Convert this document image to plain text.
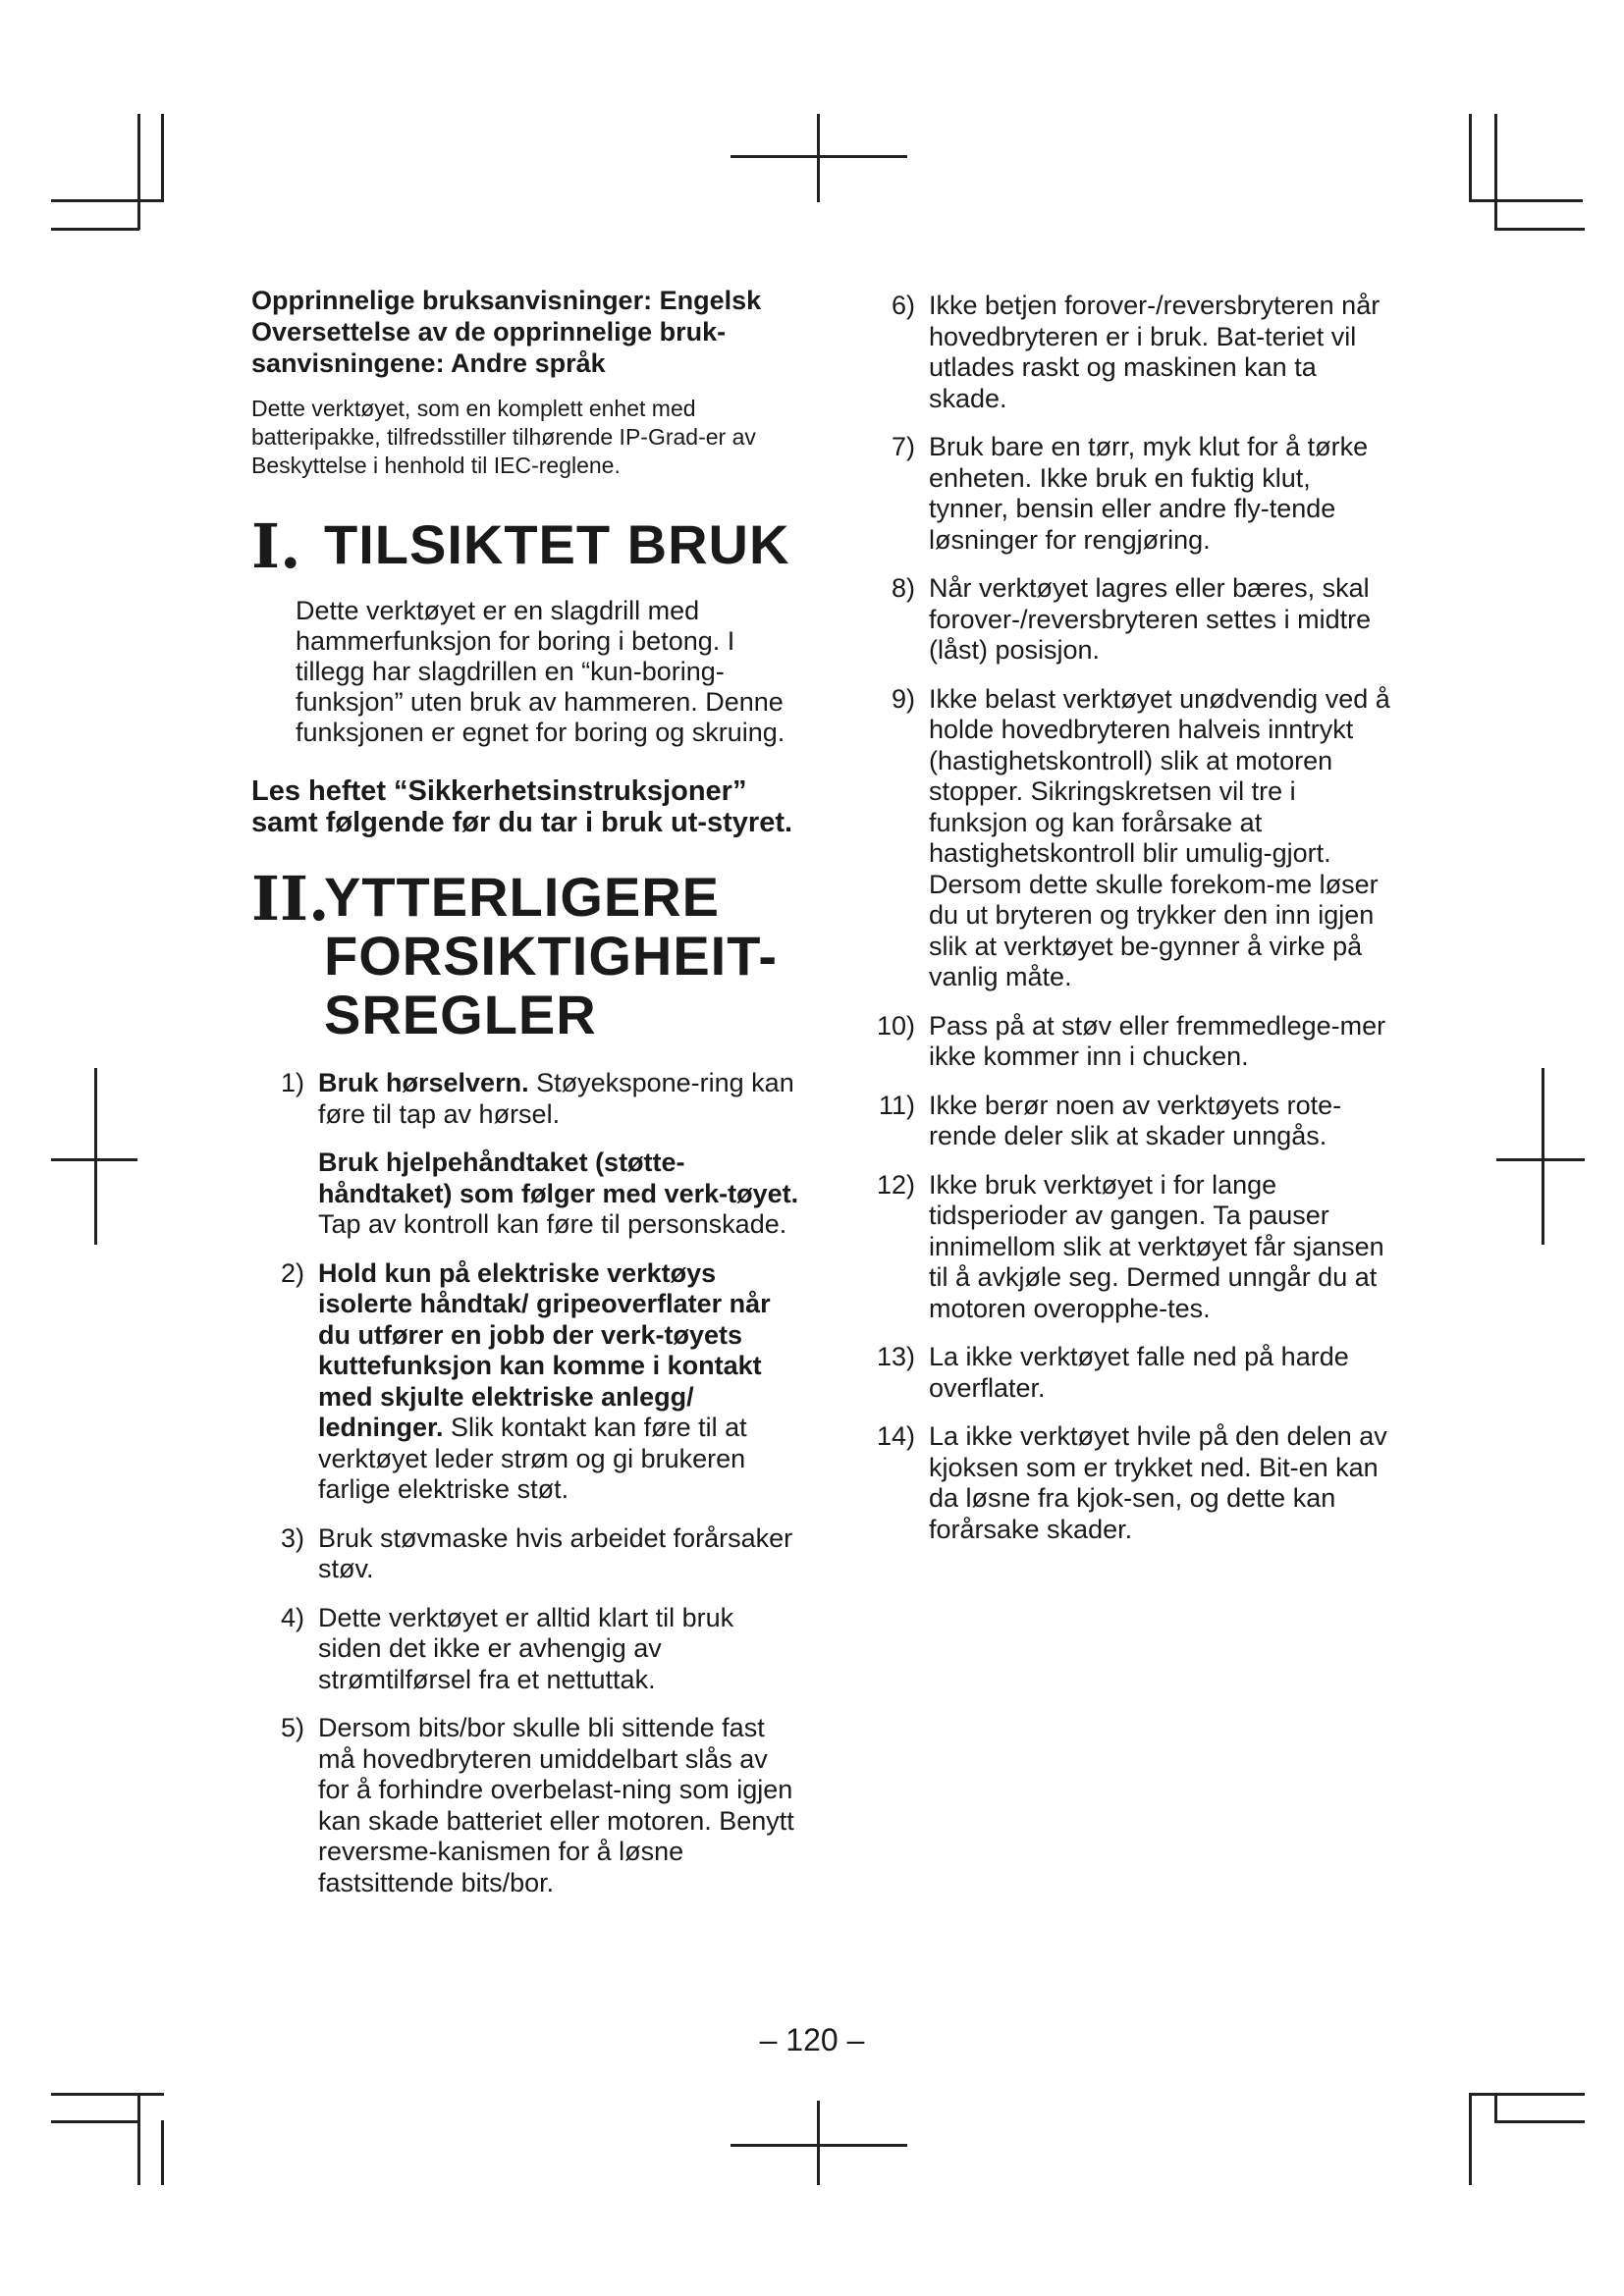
Opprinnelige bruksanvisninger: Engelsk
Oversettelse av de opprinnelige bruk-
sanvisningene: Andre språk

Dette verktøyet, som en komplett enhet med batteripakke, tilfredsstiller tilhørende IP-Grad-er av Beskyttelse i henhold til IEC-reglene.

I. TILSIKTET BRUK

Dette verktøyet er en slagdrill med hammerfunksjon for boring i betong. I tillegg har slagdrillen en “kun-boring-funksjon” uten bruk av hammeren. Denne funksjonen er egnet for boring og skruing.

Les heftet “Sikkerhetsinstruksjoner” samt følgende før du tar i bruk ut-styret.

II.
YTTERLIGERE
FORSIKTIGHEIT-
SREGLER
1) Bruk hørselvern. Støyekspone-ring kan føre til tap av hørsel.
Bruk hjelpehåndtaket (støtte-håndtaket) som følger med verk-tøyet. Tap av kontroll kan føre til personskade.
2) Hold kun på elektriske verktøys isolerte håndtak/ gripeoverflater når du utfører en jobb der verk-tøyets kuttefunksjon kan komme i kontakt med skjulte elektriske anlegg/ ledninger. Slik kontakt kan føre til at verktøyet leder strøm og gi brukeren farlige elektriske støt.
3) Bruk støvmaske hvis arbeidet forårsaker støv.
4) Dette verktøyet er alltid klart til bruk siden det ikke er avhengig av strømtilførsel fra et nettuttak.
5) Dersom bits/bor skulle bli sittende fast må hovedbryteren umiddelbart slås av for å forhindre overbelast-ning som igjen kan skade batteriet eller motoren. Benytt reversme-kanismen for å løsne fastsittende bits/bor.
6) Ikke betjen forover-/reversbryteren når hovedbryteren er i bruk. Bat-teriet vil utlades raskt og maskinen kan ta skade.
7) Bruk bare en tørr, myk klut for å tørke enheten. Ikke bruk en fuktig klut, tynner, bensin eller andre fly-tende løsninger for rengjøring.
8) Når verktøyet lagres eller bæres, skal forover-/reversbryteren settes i midtre (låst) posisjon.
9) Ikke belast verktøyet unødvendig ved å holde hovedbryteren halveis inntrykt (hastighetskontroll) slik at motoren stopper. Sikringskretsen vil tre i funksjon og kan forårsake at hastighetskontroll blir umulig-gjort. Dersom dette skulle forekom-me løser du ut bryteren og trykker den inn igjen slik at verktøyet be-gynner å virke på vanlig måte.
10) Pass på at støv eller fremmedlege-mer ikke kommer inn i chucken.
11) Ikke berør noen av verktøyets rote-rende deler slik at skader unngås.
12) Ikke bruk verktøyet i for lange tidsperioder av gangen. Ta pauser innimellom slik at verktøyet får sjansen til å avkjøle seg. Dermed unngår du at motoren overopphe-tes.
13) La ikke verktøyet falle ned på harde overflater.
14) La ikke verktøyet hvile på den delen av kjoksen som er trykket ned. Bit-en kan da løsne fra kjok-sen, og dette kan forårsake skader.
– 120 –
